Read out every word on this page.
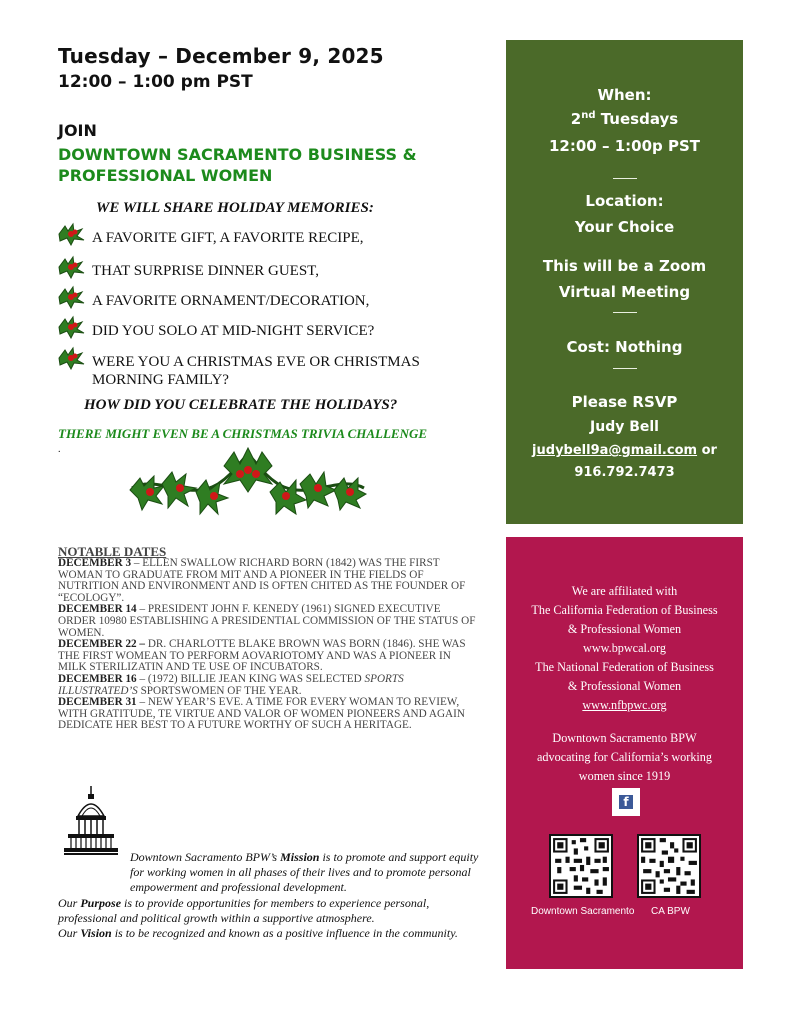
Tuesday – December 9, 2025
12:00 – 1:00 pm PST
JOIN
DOWNTOWN SACRAMENTO BUSINESS &
PROFESSIONAL WOMEN
WE WILL SHARE HOLIDAY MEMORIES:
A FAVORITE GIFT, A FAVORITE RECIPE,
THAT SURPRISE DINNER GUEST,
A FAVORITE ORNAMENT/DECORATION,
DID YOU SOLO AT MID-NIGHT SERVICE?
WERE YOU A CHRISTMAS EVE OR CHRISTMAS MORNING FAMILY?
HOW DID YOU CELEBRATE THE HOLIDAYS?
THERE MIGHT EVEN BE A CHRISTMAS TRIVIA CHALLENGE
.
NOTABLE DATES

DECEMBER 3 – ELLEN SWALLOW RICHARD BORN (1842) WAS THE FIRST WOMAN TO GRADUATE FROM MIT AND A PIONEER IN THE FIELDS OF NUTRITION AND ENVIRONMENT AND IS OFTEN CHITED AS THE FOUNDER OF “ECOLOGY”.

DECEMBER 14 – PRESIDENT JOHN F. KENEDY (1961) SIGNED EXECUTIVE ORDER 10980 ESTABLISHING A PRESIDENTIAL COMMISSION OF THE STATUS OF WOMEN.

DECEMBER 22 – DR. CHARLOTTE BLAKE BROWN WAS BORN (1846). SHE WAS THE FIRST WOMEAN TO PERFORM AOVARIOTOMY AND WAS A PIONEER IN MILK STERILIZATIN AND TE USE OF INCUBATORS.

DECEMBER 16 – (1972) BILLIE JEAN KING WAS SELECTED SPORTS ILLUSTRATED’S SPORTSWOMEN OF THE YEAR.

DECEMBER 31 – NEW YEAR’S EVE. A TIME FOR EVERY WOMAN TO REVIEW, WITH GRATITUDE, TE VIRTUE AND VALOR OF WOMEN PIONEERS AND AGAIN DEDICATE HER BEST TO A FUTURE WORTHY OF SUCH A HERITAGE.

Downtown Sacramento BPW’s Mission is to promote and support equity for working women in all phases of their lives and to promote personal empowerment and professional development.

Our Purpose is to provide opportunities for members to experience personal, professional and political growth within a supportive atmosphere.

Our Vision is to be recognized and known as a positive influence in the community.

When:
2nd Tuesdays
12:00 – 1:00p PST
Location:
Your Choice
This will be a Zoom
Virtual Meeting
Cost: Nothing
Please RSVP
Judy Bell
judybell9a@gmail.com or
916.792.7473
We are affiliated with
The California Federation of Business
& Professional Women
www.bpwcal.org
The National Federation of Business
& Professional Women
www.nfbpwc.org
Downtown Sacramento BPW
advocating for California’s working
women since 1919
f
Downtown Sacramento CA BPW
